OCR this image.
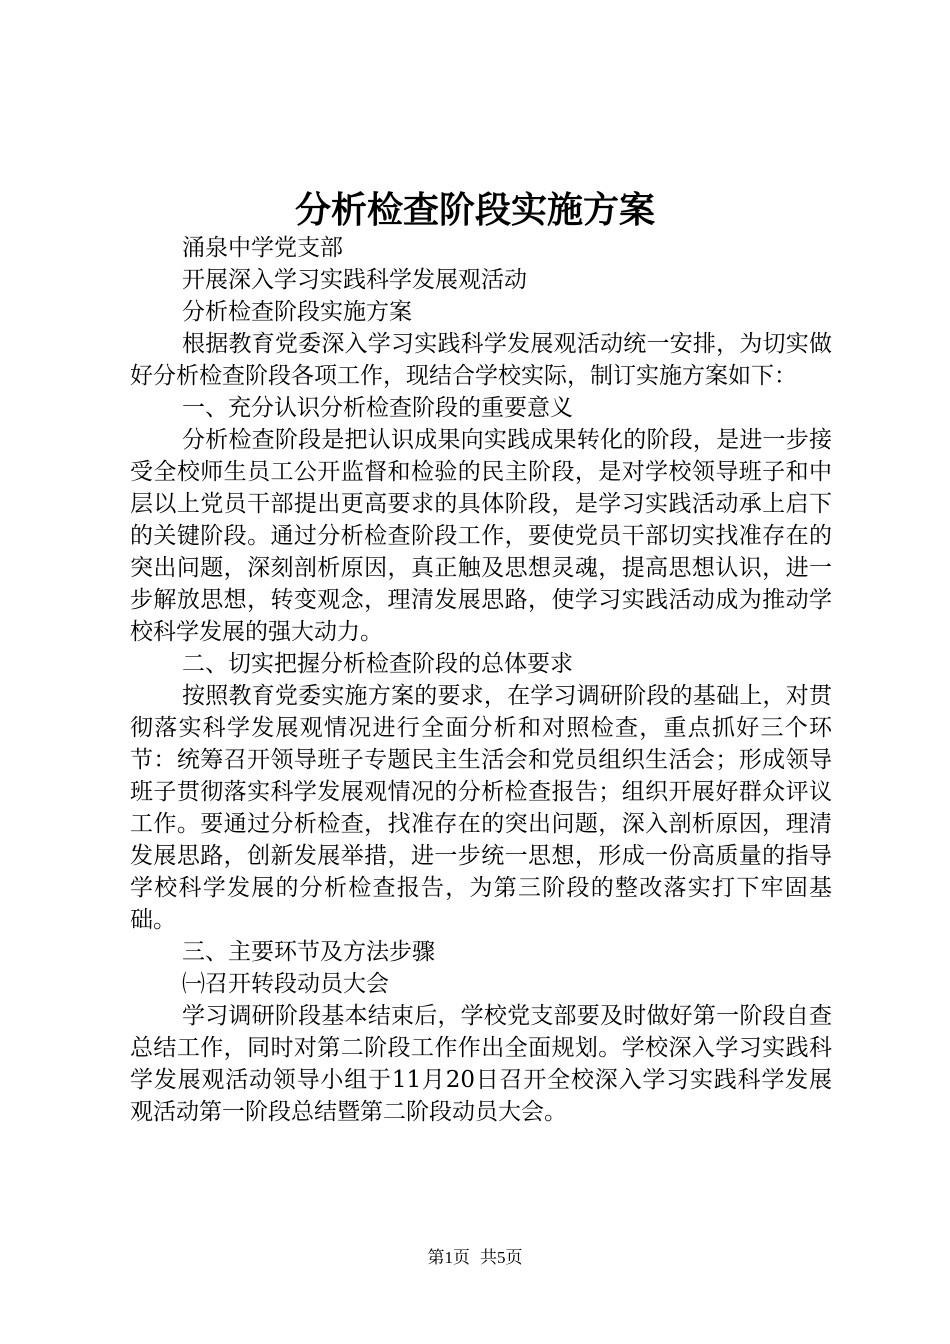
分析检查阶段实施方案

涌泉中学党支部

开展深入学习实践科学发展观活动

分析检查阶段实施方案

根据教育党委深入学习实践科学发展观活动统一安排，为切实做好分析检查阶段各项工作，现结合学校实际，制订实施方案如下：

一、充分认识分析检查阶段的重要意义

分析检查阶段是把认识成果向实践成果转化的阶段，是进一步接受全校师生员工公开监督和检验的民主阶段，是对学校领导班子和中层以上党员干部提出更高要求的具体阶段，是学习实践活动承上启下的关键阶段。通过分析检查阶段工作，要使党员干部切实找准存在的突出问题，深刻剖析原因，真正触及思想灵魂，提高思想认识，进一步解放思想，转变观念，理清发展思路，使学习实践活动成为推动学校科学发展的强大动力。

二、切实把握分析检查阶段的总体要求

按照教育党委实施方案的要求，在学习调研阶段的基础上，对贯彻落实科学发展观情况进行全面分析和对照检查，重点抓好三个环节：统筹召开领导班子专题民主生活会和党员组织生活会；形成领导班子贯彻落实科学发展观情况的分析检查报告；组织开展好群众评议工作。要通过分析检查，找准存在的突出问题，深入剖析原因，理清发展思路，创新发展举措，进一步统一思想，形成一份高质量的指导学校科学发展的分析检查报告，为第三阶段的整改落实打下牢固基础。

三、主要环节及方法步骤

㈠召开转段动员大会

学习调研阶段基本结束后，学校党支部要及时做好第一阶段自查总结工作，同时对第二阶段工作作出全面规划。学校深入学习实践科学发展观活动领导小组于11月20日召开全校深入学习实践科学发展观活动第一阶段总结暨第二阶段动员大会。

第1页 共5页
